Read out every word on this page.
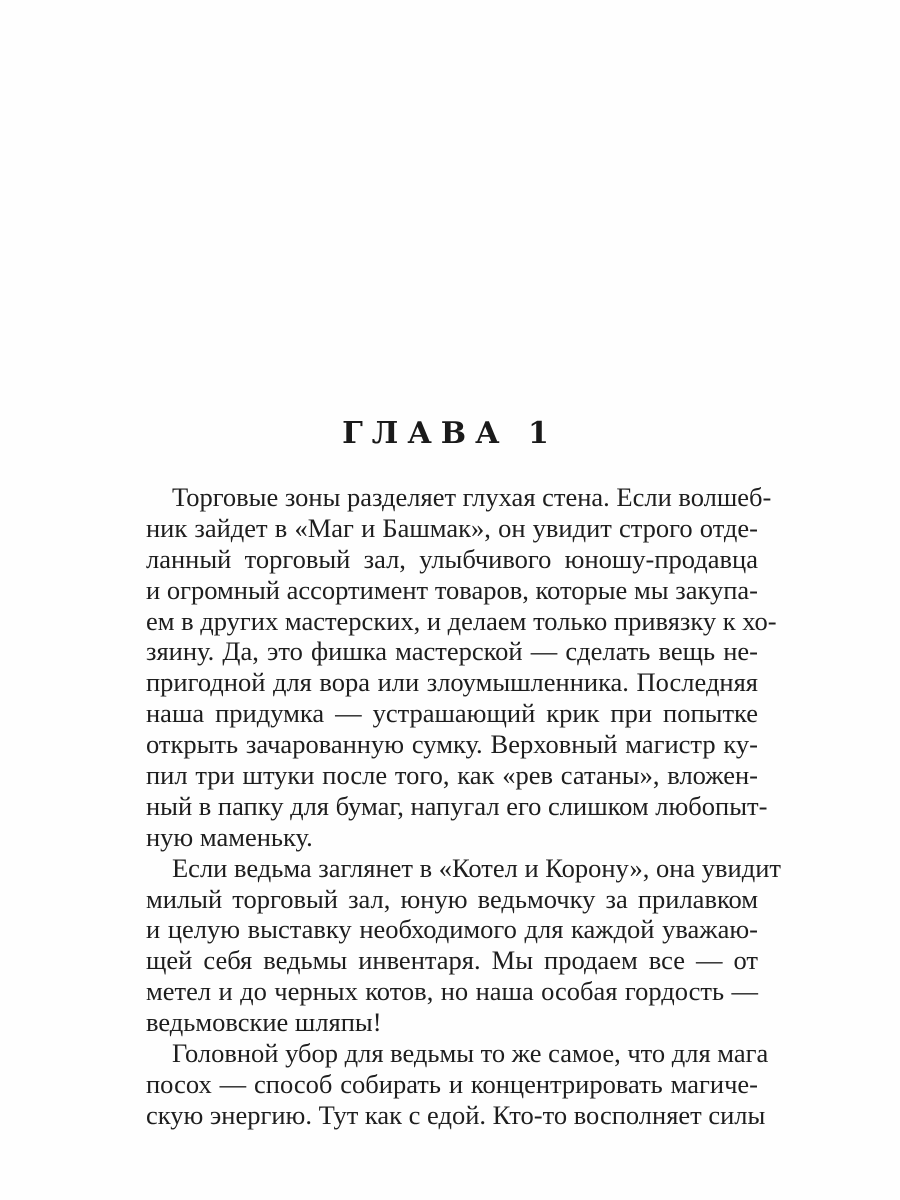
ГЛАВА 1
Торговые зоны разделяет глухая стена. Если волшеб-
ник зайдет в «Маг и Башмак», он увидит строго отде-
ланный торговый зал, улыбчивого юношу-продавца
и огромный ассортимент товаров, которые мы закупа-
ем в других мастерских, и делаем только привязку к хо-
зяину. Да, это фишка мастерской — сделать вещь не-
пригодной для вора или злоумышленника. Последняя
наша придумка — устрашающий крик при попытке
открыть зачарованную сумку. Верховный магистр ку-
пил три штуки после того, как «рев сатаны», вложен-
ный в папку для бумаг, напугал его слишком любопыт-
ную маменьку.
Если ведьма заглянет в «Котел и Корону», она увидит
милый торговый зал, юную ведьмочку за прилавком
и целую выставку необходимого для каждой уважаю-
щей себя ведьмы инвентаря. Мы продаем все — от
метел и до черных котов, но наша особая гордость —
ведьмовские шляпы!
Головной убор для ведьмы то же самое, что для мага
посох — способ собирать и концентрировать магиче-
скую энергию. Тут как с едой. Кто-то восполняет силы
